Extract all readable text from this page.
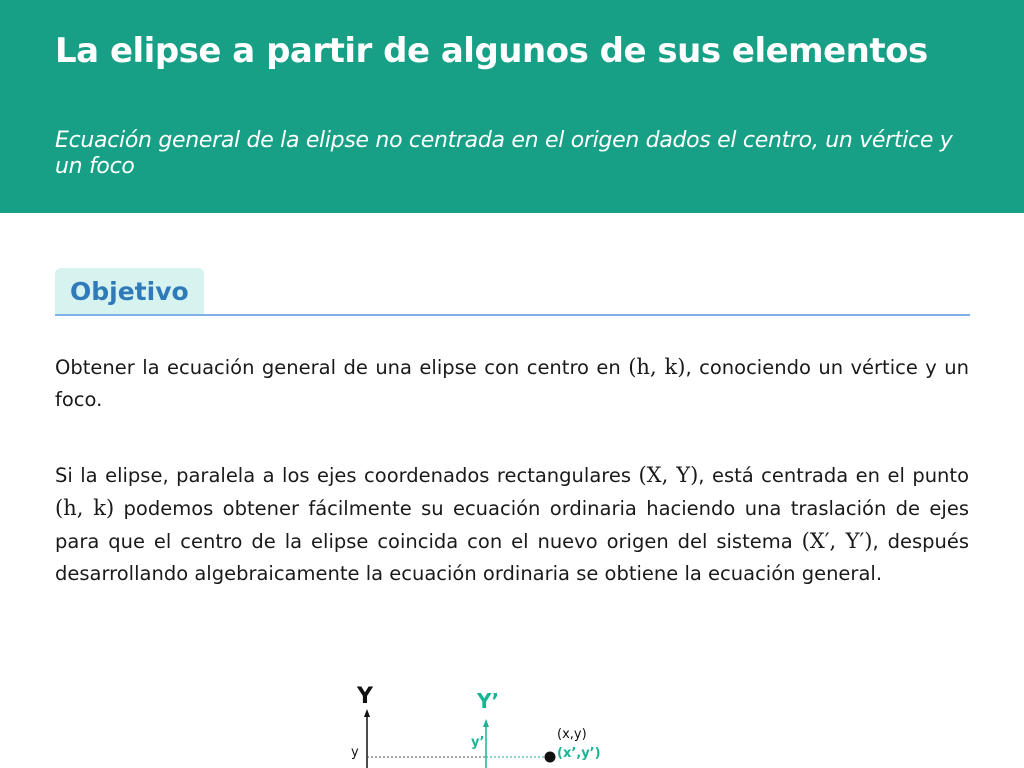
La elipse a partir de algunos de sus elementos

Ecuación general de la elipse no centrada en el origen dados el centro, un vértice y un foco

Objetivo

Obtener la ecuación general de una elipse con centro en (h, k), conociendo un vértice y un foco.

Si la elipse, paralela a los ejes coordenados rectangulares (X, Y), está centrada en el punto (h, k) podemos obtener fácilmente su ecuación ordinaria haciendo una traslación de ejes para que el centro de la elipse coincida con el nuevo origen del sistema (X′, Y′), después desarrollando algebraicamente la ecuación ordinaria se obtiene la ecuación general.

Y	Y’
y
y’
(x,y)
(x’,y’)
